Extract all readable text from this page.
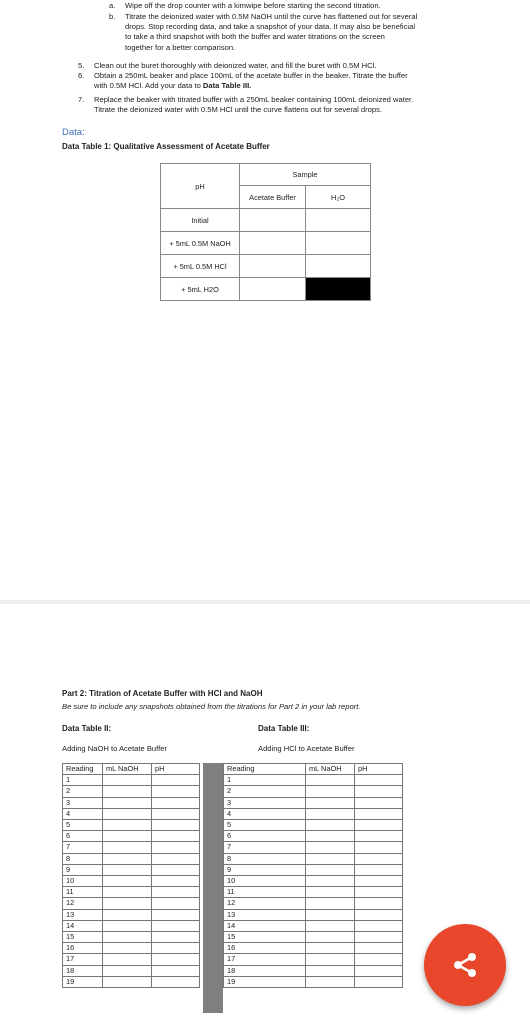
a. Wipe off the drop counter with a kimwipe before starting the second titration.
b. Titrate the deionized water with 0.5M NaOH until the curve has flattened out for several
drops. Stop recording data, and take a snapshot of your data. It may also be beneficial
to take a third snapshot with both the buffer and water titrations on the screen
together for a better comparison.
5. Clean out the buret thoroughly with deionized water, and fill the buret with 0.5M HCl.
6. Obtain a 250mL beaker and place 100mL of the acetate buffer in the beaker. Titrate the buffer
with 0.5M HCl. Add your data to Data Table III.
7. Replace the beaker with titrated buffer with a 250mL beaker containing 100mL deionized water.
Titrate the deionized water with 0.5M HCl until the curve flattens out for several drops.
Data:
Data Table 1: Qualitative Assessment of Acetate Buffer
pH	Sample	
	Acetate Buffer	H₂O
Initial		
+ 5mL 0.5M NaOH		
+ 5mL 0.5M HCl		
+ 5mL H2O		
Part 2: Titration of Acetate Buffer with HCl and NaOH
Be sure to include any snapshots obtained from the titrations for Part 2 in your lab report.
Data Table II:	Data Table III:
Adding NaOH to Acetate Buffer	Adding HCl to Acetate Buffer
Reading	mL NaOH	pH
1		
2		
3		
4		
5		
6		
7		
8		
9		
10		
11		
12		
13		
14		
15		
16		
17		
18		
19		
Reading	mL NaOH	pH
1		
2		
3		
4		
5		
6		
7		
8		
9		
10		
11		
12		
13		
14		
15		
16		
17		
18		
19		
